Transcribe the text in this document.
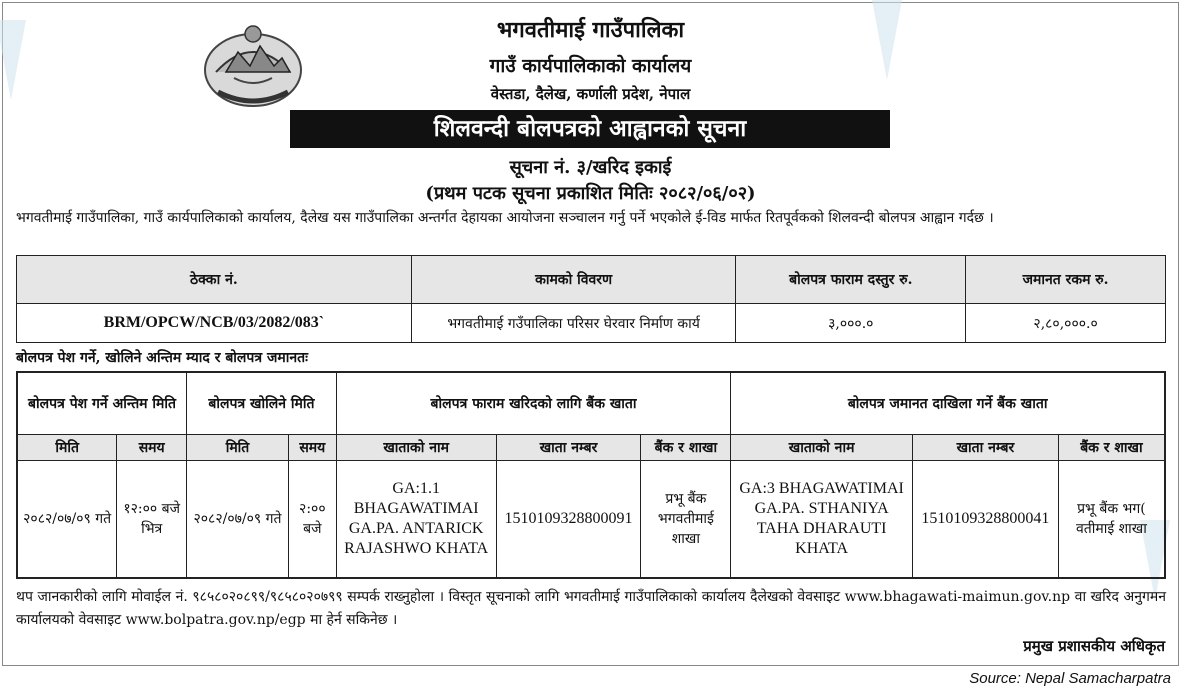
भगवतीमाई गाउँपालिका
गाउँ कार्यपालिकाको कार्यालय
वेस्तडा, दैलेख, कर्णाली प्रदेश, नेपाल
शिलवन्दी बोलपत्रको आह्वानको सूचना
सूचना नं. ३/खरिद इकाई
(प्रथम पटक सूचना प्रकाशित मितिः २०८२/०६/०२)

भगवतीमाई गाउँपालिका, गाउँ कार्यपालिकाको कार्यालय, दैलेख यस गाउँपालिका अन्तर्गत देहायका आयोजना सञ्चालन गर्नु पर्ने भएकोले ई-विड मार्फत रितपूर्वकको शिलवन्दी बोलपत्र आह्वान गर्दछ ।

ठेक्का नं.	कामको विवरण	बोलपत्र फाराम दस्तुर रु.	जमानत रकम रु.
BRM/OPCW/NCB/03/2082/083`	भगवतीमाई गउँपालिका परिसर घेरवार निर्माण कार्य	३,०००.०	२,८०,०००.०
बोलपत्र पेश गर्ने, खोलिने अन्तिम म्याद र बोलपत्र जमानतः
बोलपत्र पेश गर्ने अन्तिम मिति		बोलपत्र खोलिने मिति		बोलपत्र फाराम खरिदको लागि बैंक खाता			बोलपत्र जमानत दाखिला गर्ने बैंक खाता		
मिति	समय	मिति	समय	खाताको नाम	खाता नम्बर	बैंक र शाखा	खाताको नाम	खाता नम्बर	बैंक र शाखा
२०८२/०७/०९ गते	१२:०० बजे भित्र	२०८२/०७/०९ गते	२:०० बजे	GA:1.1 BHAGAWATIMAI GA.PA. ANTARICK RAJASHWO KHATA	1510109328800091	प्रभू बैंक भगवतीमाई शाखा	GA:3 BHAGAWATIMAI GA.PA. STHANIYA TAHA DHARAUTI KHATA	1510109328800041	प्रभू बैंक भग( वतीमाई शाखा

थप जानकारीको लागि मोवाईल नं. ९८५८०२०८९९/९८५८०२०७९९ सम्पर्क राख्नुहोला । विस्तृत सूचनाको लागि भगवतीमाई गाउँपालिकाको कार्यालय दैलेखको वेवसाइट www.bhagawati-maimun.gov.np वा खरिद अनुगमन कार्यालयको वेवसाइट www.bolpatra.gov.np/egp मा हेर्न सकिनेछ ।

प्रमुख प्रशासकीय अधिकृत
Source: Nepal Samacharpatra
